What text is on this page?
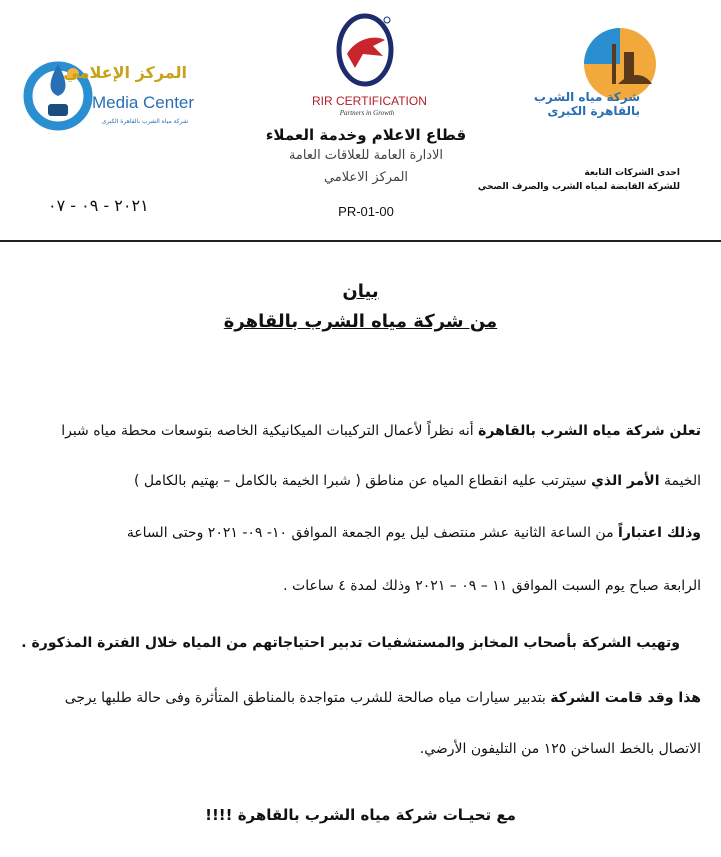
المركز الإعلامي
Media Center
شركة مياه الشرب بالقاهرة الكبرى
٢٠٢١ - ٠٩ - ٠٧
RIR CERTIFICATION
Partners in Growth
قطاع الاعلام وخدمة العملاء
الادارة العامة للعلاقات العامة
المركز الاعلامي
PR-01-00
شركة مياه الشرب بالقاهرة الكبرى
احدى الشركات التابعة
للشركة القابضة لمياه الشرب والصرف الصحي
بيان
من شركة مياه الشرب بالقاهرة
تعلن شركة مياه الشرب بالقاهرة أنه نظراً لأعمال التركيبات الميكانيكية الخاصه بتوسعات محطة مياه شبرا
الخيمة الأمر الذي سيترتب عليه انقطاع المياه عن مناطق ( شبرا الخيمة بالكامل – بهتيم بالكامل )
وذلك اعتباراً من الساعة الثانية عشر منتصف ليل يوم الجمعة الموافق ١٠- ٠٩- ٢٠٢١ وحتى الساعة
الرابعة صباح يوم السبت الموافق ١١ – ٠٩ – ٢٠٢١ وذلك لمدة ٤ ساعات .
وتهيب الشركة بأصحاب المخابز والمستشفيات تدبير احتياجاتهم من المياه خلال الفترة المذكورة .
هذا وقد قامت الشركة بتدبير سيارات مياه صالحة للشرب متواجدة بالمناطق المتأثرة وفى حالة طلبها يرجى
الاتصال بالخط الساخن ١٢٥ من التليفون الأرضي.
مع تحيـات شركة مياه الشرب بالقاهرة !!!!
